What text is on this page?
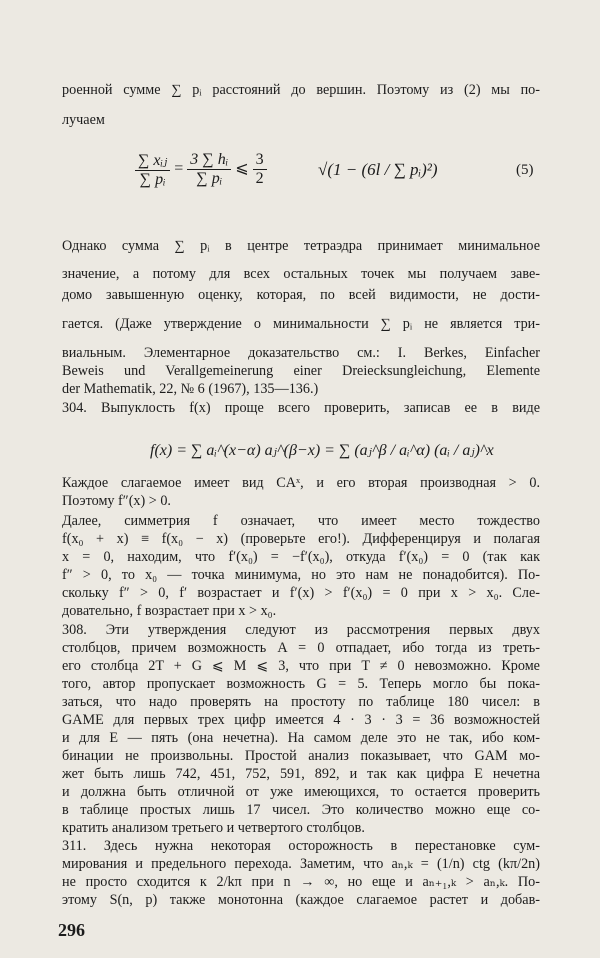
роенной сумме ∑ pᵢ расстояний до вершин. Поэтому из (2) мы по-
лучаем
$\frac{\text{∑ xᵢⱼ}}{\text{∑ pᵢ}} = \frac{\text{3 ∑ hᵢ}}{\text{∑ pᵢ}}$ ⩽ $\frac{3}{2}$	√(1 − (6l / ∑ pᵢ)²)	(5)
Однако сумма ∑ pᵢ в центре тетраэдра принимает минимальное
значение, а потому для всех остальных точек мы получаем заве-
домо завышенную оценку, которая, по всей видимости, не дости-
гается. (Даже утверждение о минимальности ∑ pᵢ не является три-
виальным. Элементарное доказательство см.: I. Berkes, Einfacher
Beweis und Verallgemeinerung einer Dreiecksungleichung, Elemente
der Mathematik, 22, № 6 (1967), 135—136.)
304. Выпуклость f(x) проще всего проверить, записав ее в виде
f(x) = ∑ aᵢ^(x−α) aⱼ^(β−x) = ∑ (aⱼ^β / aᵢ^α) (aᵢ / aⱼ)^x
Каждое слагаемое имеет вид CAˣ, и его вторая производная > 0.
Поэтому f″(x) > 0.
Далее, симметрия f означает, что имеет место тождество
f(x₀ + x) ≡ f(x₀ − x) (проверьте его!). Дифференцируя и полагая
x = 0, находим, что f′(x₀) = −f′(x₀), откуда f′(x₀) = 0 (так как
f″ > 0, то x₀ — точка минимума, но это нам не понадобится). По-
скольку f″ > 0, f′ возрастает и f′(x) > f′(x₀) = 0 при x > x₀. Сле-
довательно, f возрастает при x > x₀.
308. Эти утверждения следуют из рассмотрения первых двух
столбцов, причем возможность A = 0 отпадает, ибо тогда из треть-
его столбца 2T + G ⩽ M ⩽ 3, что при T ≠ 0 невозможно. Кроме
того, автор пропускает возможность G = 5. Теперь могло бы пока-
заться, что надо проверять на простоту по таблице 180 чисел: в
GAME для первых трех цифр имеется 4 · 3 · 3 = 36 возможностей
и для E — пять (она нечетна). На самом деле это не так, ибо ком-
бинации не произвольны. Простой анализ показывает, что GAM мо-
жет быть лишь 742, 451, 752, 591, 892, и так как цифра E нечетна
и должна быть отличной от уже имеющихся, то остается проверить
в таблице простых лишь 17 чисел. Это количество можно еще со-
кратить анализом третьего и четвертого столбцов.
311. Здесь нужна некоторая осторожность в перестановке сум-
мирования и предельного перехода. Заметим, что aₙ,ₖ = (1/n) ctg (kπ/2n)
не просто сходится к 2/kπ при n → ∞, но еще и aₙ₊₁,ₖ > aₙ,ₖ. По-
этому S(n, p) также монотонна (каждое слагаемое растет и добав-
296
